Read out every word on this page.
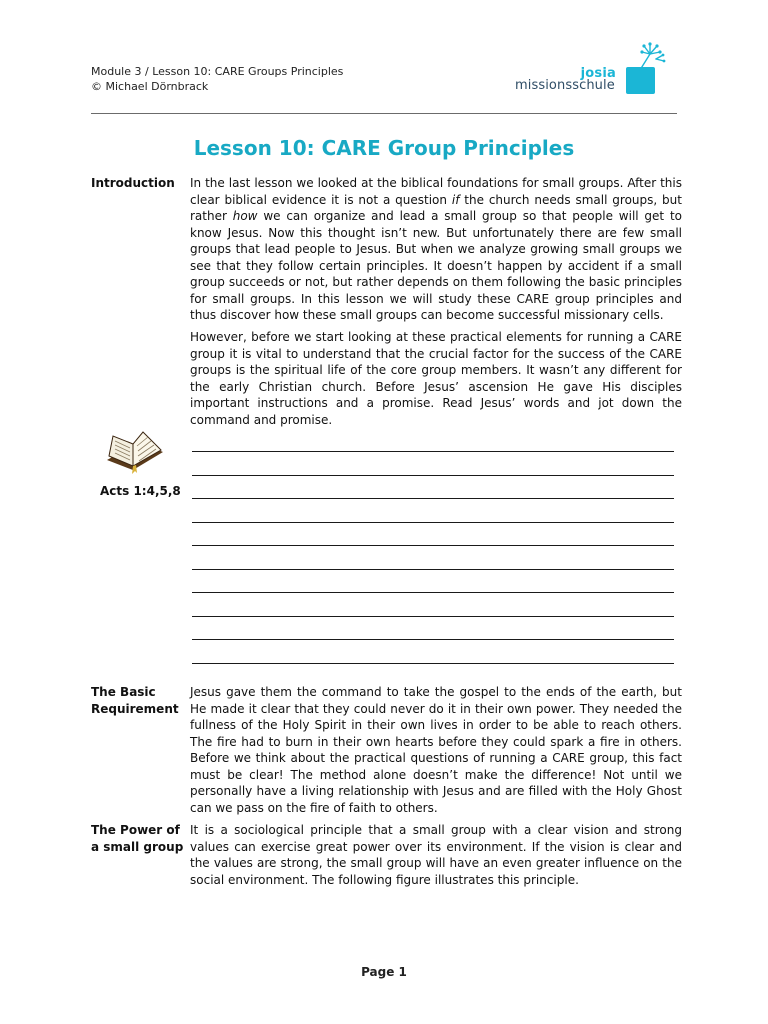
Module 3 / Lesson 10: CARE Groups Principles
© Michael Dörnbrack
josia
missionsschule
Lesson 10: CARE Group Principles
Introduction In the last lesson we looked at the biblical foundations for small groups. After this clear biblical evidence it is not a question if the church needs small groups, but rather how we can organize and lead a small group so that people will get to know Jesus. Now this thought isn’t new. But unfortunately there are few small groups that lead people to Jesus. But when we analyze growing small groups we see that they follow certain principles. It doesn’t happen by accident if a small group succeeds or not, but rather depends on them following the basic principles for small groups. In this lesson we will study these CARE group principles and thus discover how these small groups can become successful missionary cells.

However, before we start looking at these practical elements for running a CARE group it is vital to understand that the crucial factor for the success of the CARE groups is the spiritual life of the core group members. It wasn’t any different for the early Christian church. Before Jesus’ ascension He gave His disciples important instructions and a promise. Read Jesus’ words and jot down the command and promise.

Acts 1:4,5,8
The Basic
Requirement

Jesus gave them the command to take the gospel to the ends of the earth, but He made it clear that they could never do it in their own power. They needed the fullness of the Holy Spirit in their own lives in order to be able to reach others. The fire had to burn in their own hearts before they could spark a fire in others. Before we think about the practical questions of running a CARE group, this fact must be clear! The method alone doesn’t make the difference! Not until we personally have a living relationship with Jesus and are filled with the Holy Ghost can we pass on the fire of faith to others.

The Power of
a small group

It is a sociological principle that a small group with a clear vision and strong values can exercise great power over its environment. If the vision is clear and the values are strong, the small group will have an even greater influence on the social environment. The following figure illustrates this principle.

Page 1
